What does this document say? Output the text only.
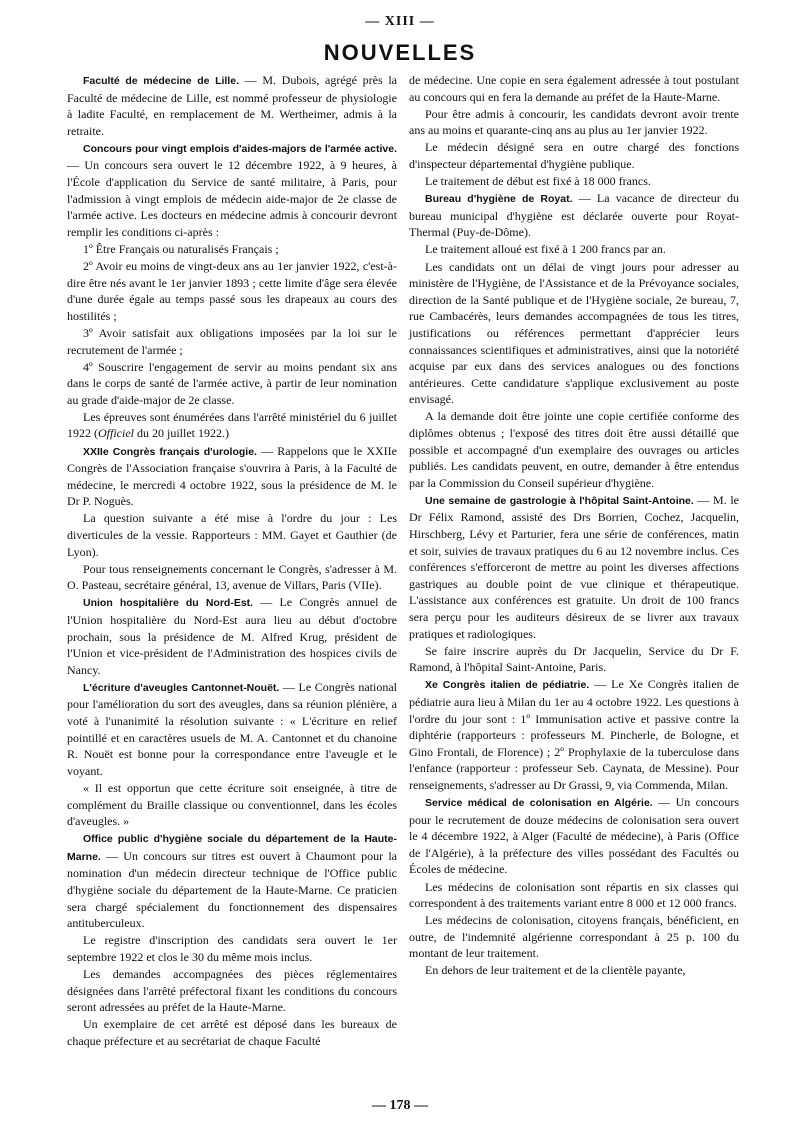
— XIII —
NOUVELLES

Faculté de médecine de Lille. — M. Dubois, agrégé près la Faculté de médecine de Lille, est nommé professeur de physiologie à ladite Faculté, en remplacement de M. Wertheimer, admis à la retraite.

Concours pour vingt emplois d'aides-majors de l'armée active. — Un concours sera ouvert le 12 décembre 1922, à 9 heures, à l'École d'application du Service de santé militaire, à Paris, pour l'admission à vingt emplois de médecin aide-major de 2e classe de l'armée active. Les docteurs en médecine admis à concourir devront remplir les conditions ci-après :

1º Être Français ou naturalisés Français ;

2º Avoir eu moins de vingt-deux ans au 1er janvier 1922, c'est-à-dire être nés avant le 1er janvier 1893 ; cette limite d'âge sera élevée d'une durée égale au temps passé sous les drapeaux au cours des hostilités ;

3º Avoir satisfait aux obligations imposées par la loi sur le recrutement de l'armée ;

4º Souscrire l'engagement de servir au moins pendant six ans dans le corps de santé de l'armée active, à partir de leur nomination au grade d'aide-major de 2e classe.

Les épreuves sont énumérées dans l'arrêté ministériel du 6 juillet 1922 (Officiel du 20 juillet 1922.)

XXIIe Congrès français d'urologie. — Rappelons que le XXIIe Congrès de l'Association française s'ouvrira à Paris, à la Faculté de médecine, le mercredi 4 octobre 1922, sous la présidence de M. le Dr P. Noguès.

La question suivante a été mise à l'ordre du jour : Les diverticules de la vessie. Rapporteurs : MM. Gayet et Gauthier (de Lyon).

Pour tous renseignements concernant le Congrès, s'adresser à M. O. Pasteau, secrétaire général, 13, avenue de Villars, Paris (VIIe).

Union hospitalière du Nord-Est. — Le Congrès annuel de l'Union hospitalière du Nord-Est aura lieu au début d'octobre prochain, sous la présidence de M. Alfred Krug, président de l'Union et vice-président de l'Administration des hospices civils de Nancy.

L'écriture d'aveugles Cantonnet-Nouët. — Le Congrès national pour l'amélioration du sort des aveugles, dans sa réunion plénière, a voté à l'unanimité la résolution suivante : « L'écriture en relief pointillé et en caractères usuels de M. A. Cantonnet et du chanoine R. Nouët est bonne pour la correspondance entre l'aveugle et le voyant.

« Il est opportun que cette écriture soit enseignée, à titre de complément du Braille classique ou conventionnel, dans les écoles d'aveugles. »

Office public d'hygiène sociale du département de la Haute-Marne. — Un concours sur titres est ouvert à Chaumont pour la nomination d'un médecin directeur technique de l'Office public d'hygiène sociale du département de la Haute-Marne. Ce praticien sera chargé spécialement du fonctionnement des dispensaires antituberculeux.

Le registre d'inscription des candidats sera ouvert le 1er septembre 1922 et clos le 30 du même mois inclus.

Les demandes accompagnées des pièces réglementaires désignées dans l'arrêté préfectoral fixant les conditions du concours seront adressées au préfet de la Haute-Marne.

Un exemplaire de cet arrêté est déposé dans les bureaux de chaque préfecture et au secrétariat de chaque Faculté

de médecine. Une copie en sera également adressée à tout postulant au concours qui en fera la demande au préfet de la Haute-Marne.

Pour être admis à concourir, les candidats devront avoir trente ans au moins et quarante-cinq ans au plus au 1er janvier 1922.

Le médecin désigné sera en outre chargé des fonctions d'inspecteur départemental d'hygiène publique.

Le traitement de début est fixé à 18 000 francs.

Bureau d'hygiène de Royat. — La vacance de directeur du bureau municipal d'hygiène est déclarée ouverte pour Royat-Thermal (Puy-de-Dôme).

Le traitement alloué est fixé à 1 200 francs par an.

Les candidats ont un délai de vingt jours pour adresser au ministère de l'Hygiène, de l'Assistance et de la Prévoyance sociales, direction de la Santé publique et de l'Hygiène sociale, 2e bureau, 7, rue Cambacérès, leurs demandes accompagnées de tous les titres, justifications ou références permettant d'apprécier leurs connaissances scientifiques et administratives, ainsi que la notoriété acquise par eux dans des services analogues ou des fonctions antérieures. Cette candidature s'applique exclusivement au poste envisagé.

A la demande doit être jointe une copie certifiée conforme des diplômes obtenus ; l'exposé des titres doit être aussi détaillé que possible et accompagné d'un exemplaire des ouvrages ou articles publiés. Les candidats peuvent, en outre, demander à être entendus par la Commission du Conseil supérieur d'hygiène.

Une semaine de gastrologie à l'hôpital Saint-Antoine. — M. le Dr Félix Ramond, assisté des Drs Borrien, Cochez, Jacquelin, Hirschberg, Lévy et Parturier, fera une série de conférences, matin et soir, suivies de travaux pratiques du 6 au 12 novembre inclus. Ces conférences s'efforceront de mettre au point les diverses affections gastriques au double point de vue clinique et thérapeutique. L'assistance aux conférences est gratuite. Un droit de 100 francs sera perçu pour les auditeurs désireux de se livrer aux travaux pratiques et radiologiques.

Se faire inscrire auprès du Dr Jacquelin, Service du Dr F. Ramond, à l'hôpital Saint-Antoine, Paris.

Xe Congrès italien de pédiatrie. — Le Xe Congrès italien de pédiatrie aura lieu à Milan du 1er au 4 octobre 1922. Les questions à l'ordre du jour sont : 1º Immunisation active et passive contre la diphtérie (rapporteurs : professeurs M. Pincherle, de Bologne, et Gino Frontali, de Florence) ; 2º Prophylaxie de la tuberculose dans l'enfance (rapporteur : professeur Seb. Caynata, de Messine). Pour renseignements, s'adresser au Dr Grassi, 9, via Commenda, Milan.

Service médical de colonisation en Algérie. — Un concours pour le recrutement de douze médecins de colonisation sera ouvert le 4 décembre 1922, à Alger (Faculté de médecine), à Paris (Office de l'Algérie), à la préfecture des villes possédant des Facultés ou Écoles de médecine.

Les médecins de colonisation sont répartis en six classes qui correspondent à des traitements variant entre 8 000 et 12 000 francs.

Les médecins de colonisation, citoyens français, bénéficient, en outre, de l'indemnité algérienne correspondant à 25 p. 100 du montant de leur traitement.

En dehors de leur traitement et de la clientèle payante,

— 178 —
